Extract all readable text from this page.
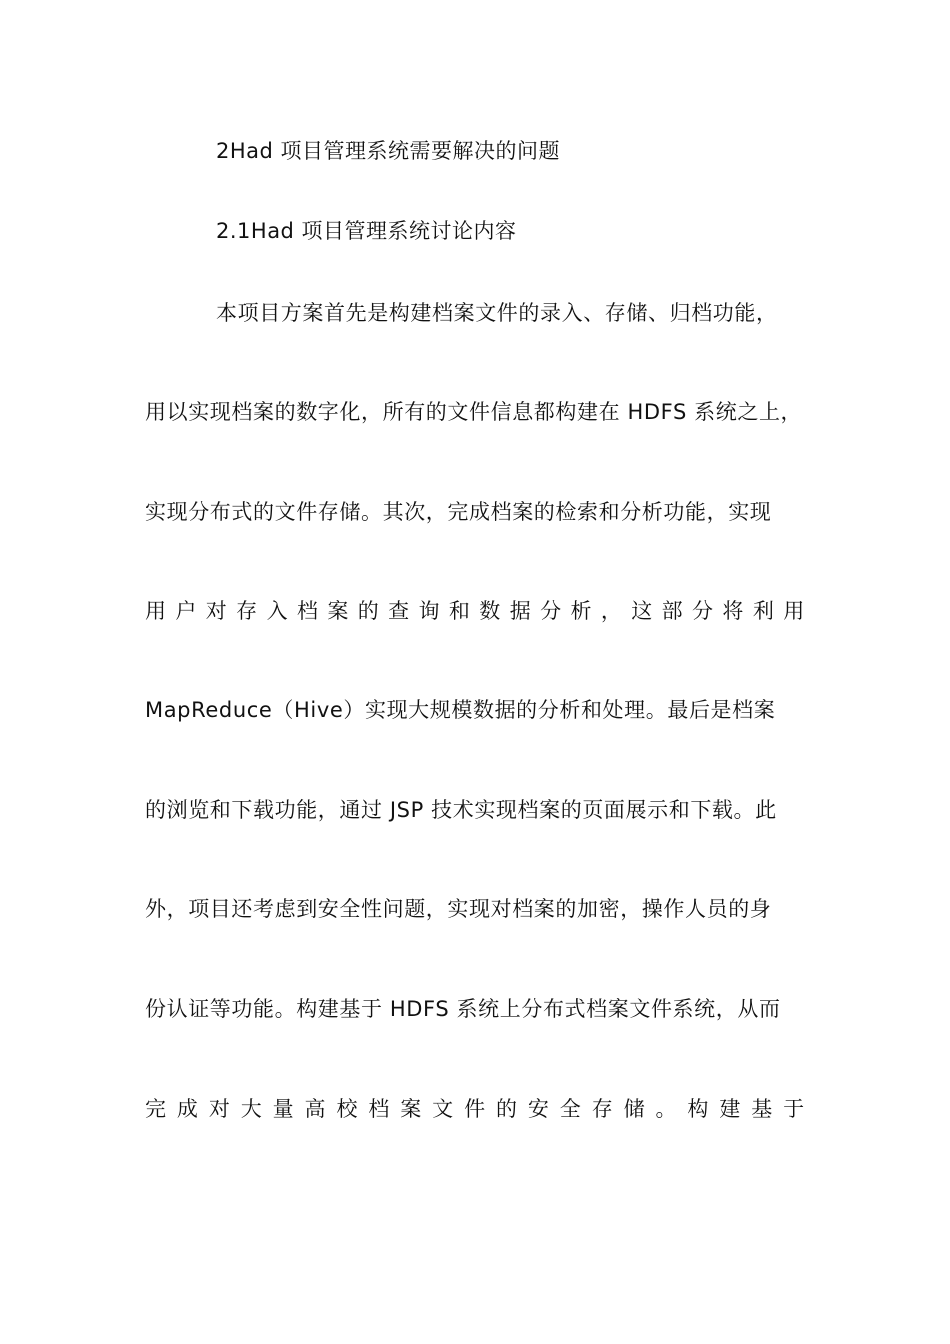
2Had 项目管理系统需要解决的问题
2.1Had 项目管理系统讨论内容
本项目方案首先是构建档案文件的录入、存储、归档功能，
用以实现档案的数字化，所有的文件信息都构建在 HDFS 系统之上，
实现分布式的文件存储。其次，完成档案的检索和分析功能，实现
用 户 对 存 入 档 案 的 查 询 和 数 据 分 析 ， 这 部 分 将 利 用
MapReduce（Hive）实现大规模数据的分析和处理。最后是档案
的浏览和下载功能，通过 JSP 技术实现档案的页面展示和下载。此
外，项目还考虑到安全性问题，实现对档案的加密，操作人员的身
份认证等功能。构建基于 HDFS 系统上分布式档案文件系统，从而
完 成 对 大 量 高 校 档 案 文 件 的 安 全 存 储 。 构 建 基 于
